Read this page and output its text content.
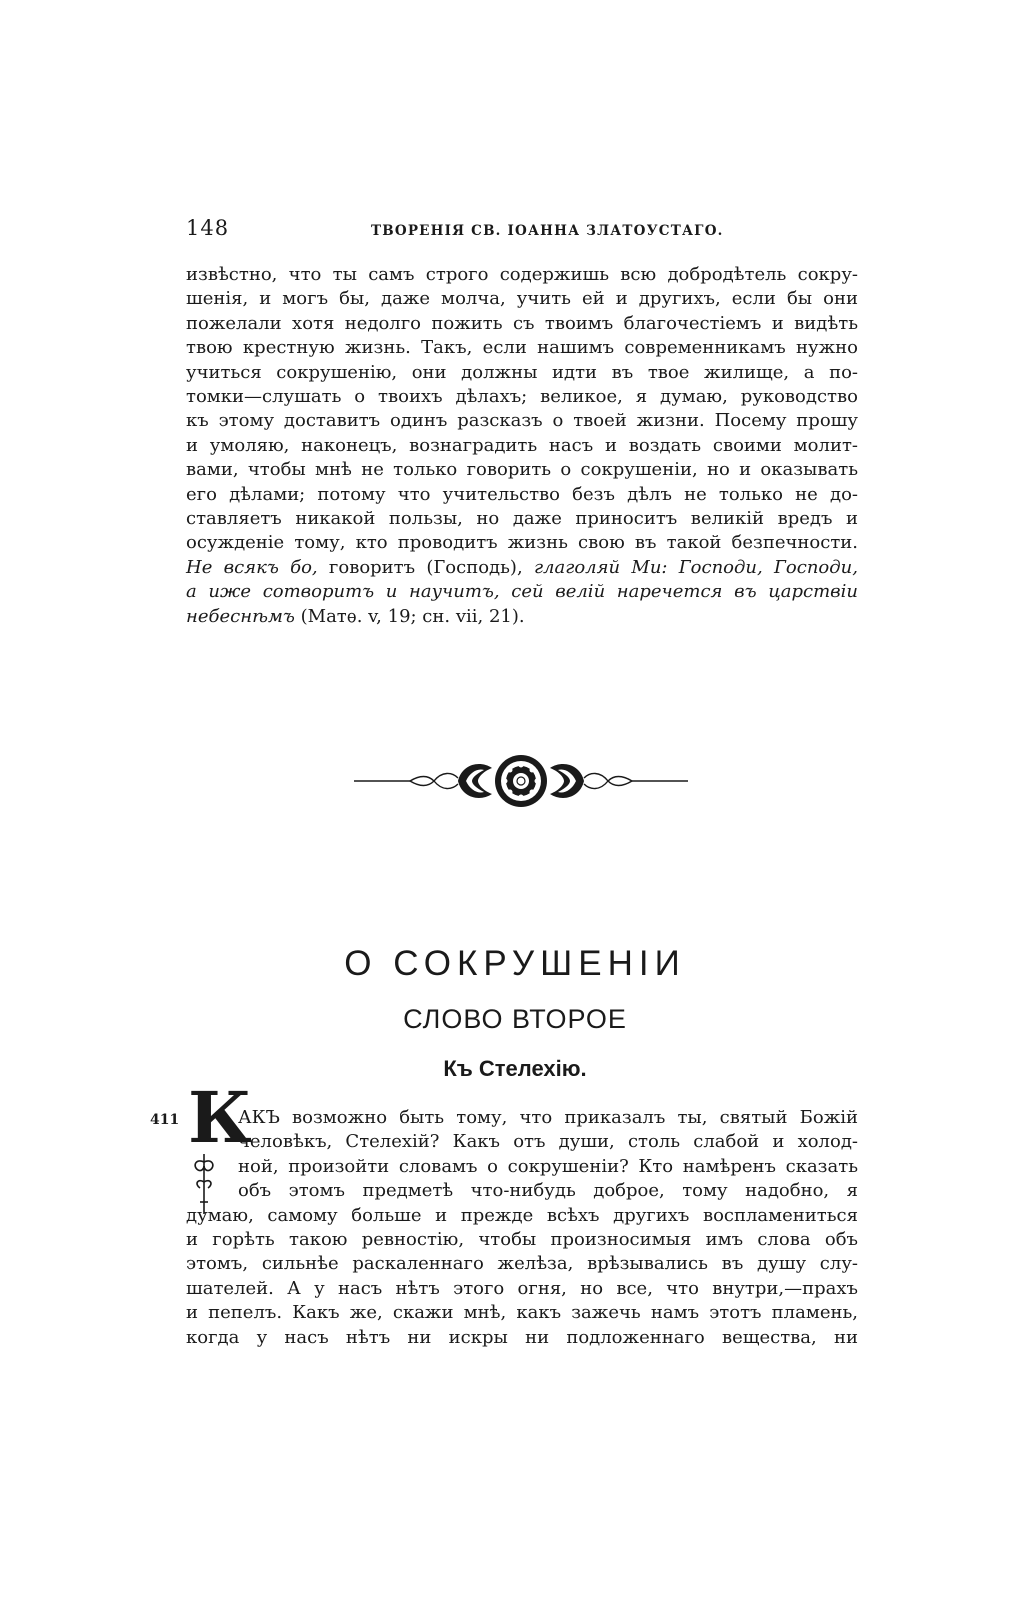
148	ТВОРЕНІЯ СВ. ІОАННА ЗЛАТОУСТАГО.

извѣстно, что ты самъ строго содержишь всю добродѣтель сокру-
шенія, и могъ бы, даже молча, учить ей и другихъ, если бы они
пожелали хотя недолго пожить съ твоимъ благочестіемъ и видѣть
твою крестную жизнь. Такъ, если нашимъ современникамъ нужно
учиться сокрушенію, они должны идти въ твое жилище, а по-
томки—слушать о твоихъ дѣлахъ; великое, я думаю, руководство
къ этому доставитъ одинъ разсказъ о твоей жизни. Посему прошу
и умоляю, наконецъ, вознаградить насъ и воздать своими молит-
вами, чтобы мнѣ не только говорить о сокрушеніи, но и оказывать
его дѣлами; потому что учительство безъ дѣлъ не только не до-
ставляетъ никакой пользы, но даже приноситъ великій вредъ и
осужденіе тому, кто проводитъ жизнь свою въ такой безпечности.
Не всякъ бо, говоритъ (Господь), глаголяй Ми: Господи, Господи,
а иже сотворитъ и научитъ, сей велій наречется въ царствіи
небеснѣмъ (Матѳ. v, 19; сн. vii, 21).

О СОКРУШЕНІИ
СЛОВО ВТОРОЕ
Къ Стелехію.
411 К

АКЪ возможно быть тому, что приказалъ ты, святый Божій
человѣкъ, Стелехій? Какъ отъ души, столь слабой и холод-
ной, произойти словамъ о сокрушеніи? Кто намѣренъ сказать
объ этомъ предметѣ что-нибудь доброе, тому надобно, я
думаю, самому больше и прежде всѣхъ другихъ воспламениться
и горѣть такою ревностію, чтобы произносимыя имъ слова объ
этомъ, сильнѣе раскаленнаго желѣза, врѣзывались въ душу слу-
шателей. А у насъ нѣтъ этого огня, но все, что внутри,—прахъ
и пепелъ. Какъ же, скажи мнѣ, какъ зажечь намъ этотъ пламень,
когда у насъ нѣтъ ни искры ни подложеннаго вещества, ни
